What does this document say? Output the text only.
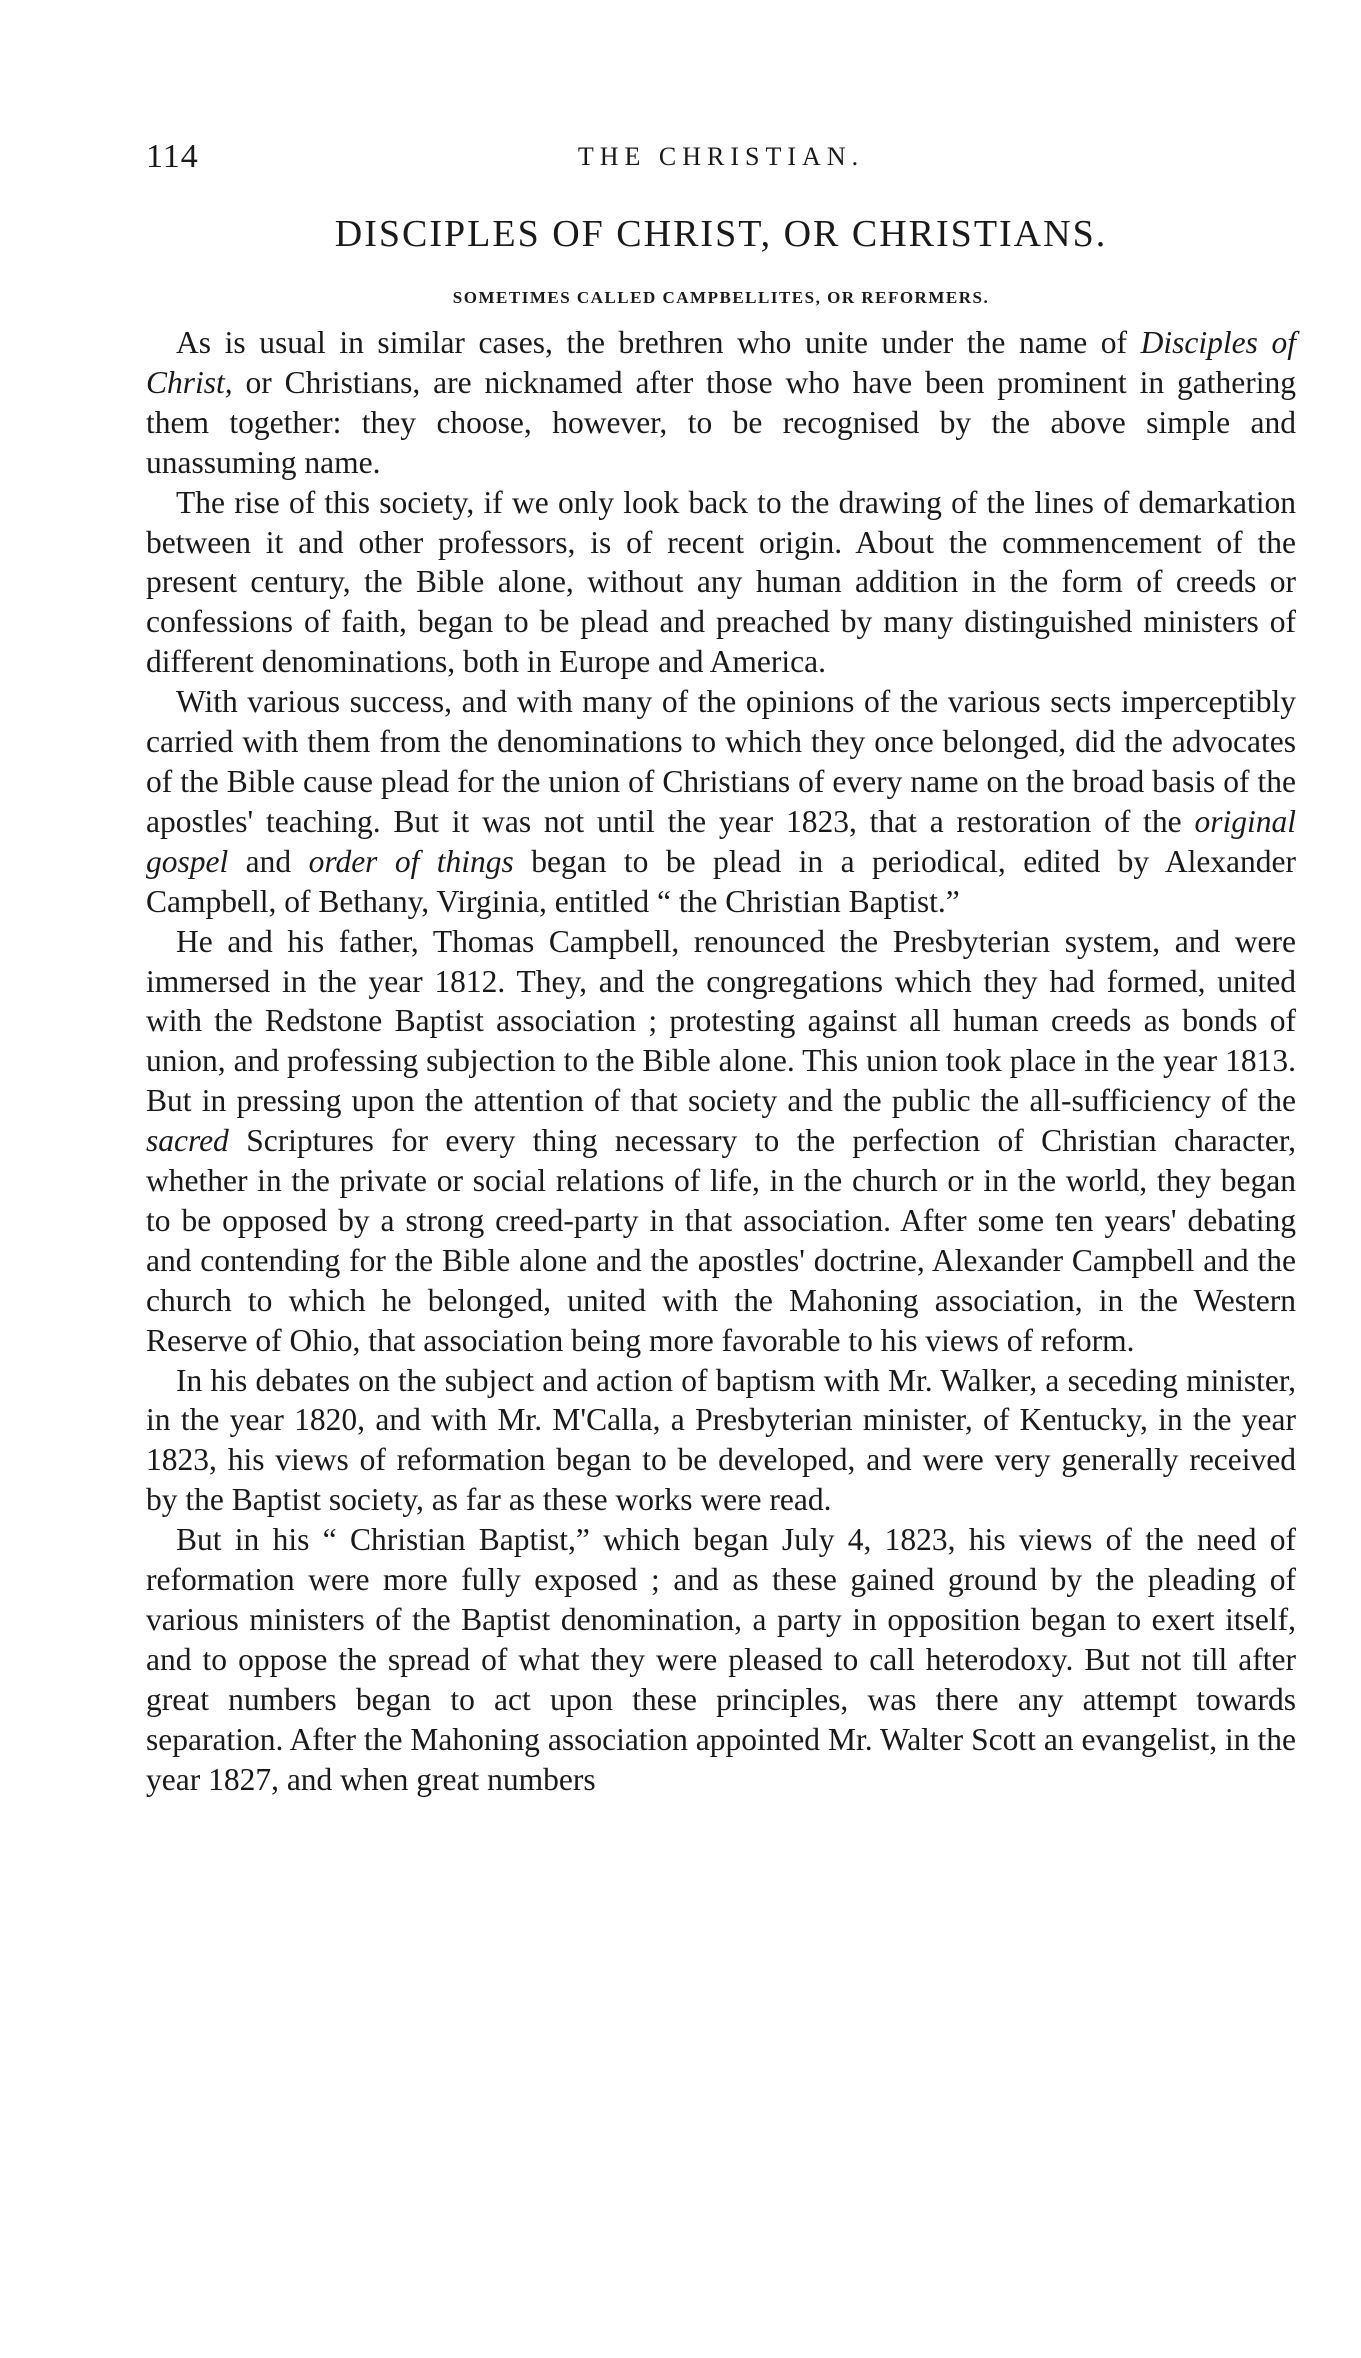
114	THE CHRISTIAN.
DISCIPLES OF CHRIST, OR CHRISTIANS.
SOMETIMES CALLED CAMPBELLITES, OR REFORMERS.

As is usual in similar cases, the brethren who unite under the name of Disciples of Christ, or Christians, are nicknamed after those who have been prominent in gathering them together: they choose, however, to be recognised by the above simple and unassuming name.

The rise of this society, if we only look back to the drawing of the lines of demarkation between it and other professors, is of recent origin. About the commencement of the present century, the Bible alone, without any human addition in the form of creeds or confessions of faith, began to be plead and preached by many distinguished ministers of different denominations, both in Europe and America.

With various success, and with many of the opinions of the various sects imperceptibly carried with them from the denominations to which they once belonged, did the advocates of the Bible cause plead for the union of Christians of every name on the broad basis of the apostles' teaching. But it was not until the year 1823, that a restoration of the original gospel and order of things began to be plead in a periodical, edited by Alexander Campbell, of Bethany, Virginia, entitled “ the Christian Baptist.”

He and his father, Thomas Campbell, renounced the Presbyterian system, and were immersed in the year 1812. They, and the congregations which they had formed, united with the Redstone Baptist association ; protesting against all human creeds as bonds of union, and professing subjection to the Bible alone. This union took place in the year 1813. But in pressing upon the attention of that society and the public the all-sufficiency of the sacred Scriptures for every thing necessary to the perfection of Christian character, whether in the private or social relations of life, in the church or in the world, they began to be opposed by a strong creed-party in that association. After some ten years' debating and contending for the Bible alone and the apostles' doctrine, Alexander Campbell and the church to which he belonged, united with the Mahoning association, in the Western Reserve of Ohio, that association being more favorable to his views of reform.

In his debates on the subject and action of baptism with Mr. Walker, a seceding minister, in the year 1820, and with Mr. M'Calla, a Presbyterian minister, of Kentucky, in the year 1823, his views of reformation began to be developed, and were very generally received by the Baptist society, as far as these works were read.

But in his “ Christian Baptist,” which began July 4, 1823, his views of the need of reformation were more fully exposed ; and as these gained ground by the pleading of various ministers of the Baptist denomination, a party in opposition began to exert itself, and to oppose the spread of what they were pleased to call heterodoxy. But not till after great numbers began to act upon these principles, was there any attempt towards separation. After the Mahoning association appointed Mr. Walter Scott an evangelist, in the year 1827, and when great numbers
